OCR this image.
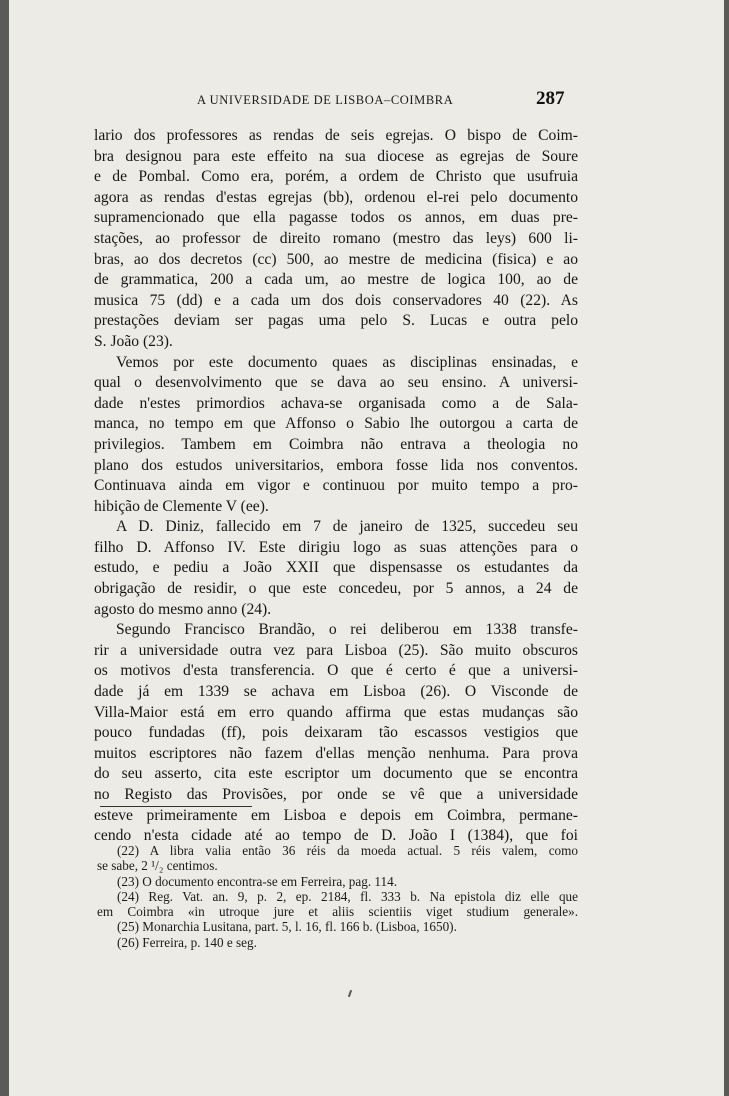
A UNIVERSIDADE DE LISBOA–COIMBRA	287
lario dos professores as rendas de seis egrejas. O bispo de Coim-
bra designou para este effeito na sua diocese as egrejas de Soure
e de Pombal. Como era, porém, a ordem de Christo que usufruia
agora as rendas d'estas egrejas (bb), ordenou el-rei pelo documento
supramencionado que ella pagasse todos os annos, em duas pre-
stações, ao professor de direito romano (mestro das leys) 600 li-
bras, ao dos decretos (cc) 500, ao mestre de medicina (fisica) e ao
de grammatica, 200 a cada um, ao mestre de logica 100, ao de
musica 75 (dd) e a cada um dos dois conservadores 40 (22). As
prestações deviam ser pagas uma pelo S. Lucas e outra pelo
S. João (23).
Vemos por este documento quaes as disciplinas ensinadas, e
qual o desenvolvimento que se dava ao seu ensino. A universi-
dade n'estes primordios achava-se organisada como a de Sala-
manca, no tempo em que Affonso o Sabio lhe outorgou a carta de
privilegios. Tambem em Coimbra não entrava a theologia no
plano dos estudos universitarios, embora fosse lida nos conventos.
Continuava ainda em vigor e continuou por muito tempo a pro-
hibição de Clemente V (ee).
A D. Diniz, fallecido em 7 de janeiro de 1325, succedeu seu
filho D. Affonso IV. Este dirigiu logo as suas attenções para o
estudo, e pediu a João XXII que dispensasse os estudantes da
obrigação de residir, o que este concedeu, por 5 annos, a 24 de
agosto do mesmo anno (24).
Segundo Francisco Brandão, o rei deliberou em 1338 transfe-
rir a universidade outra vez para Lisboa (25). São muito obscuros
os motivos d'esta transferencia. O que é certo é que a universi-
dade já em 1339 se achava em Lisboa (26). O Visconde de
Villa-Maior está em erro quando affirma que estas mudanças são
pouco fundadas (ff), pois deixaram tão escassos vestigios que
muitos escriptores não fazem d'ellas menção nenhuma. Para prova
do seu asserto, cita este escriptor um documento que se encontra
no Registo das Provisões, por onde se vê que a universidade
esteve primeiramente em Lisboa e depois em Coimbra, permane-
cendo n'esta cidade até ao tempo de D. João I (1384), que foi
(22) A libra valia então 36 réis da moeda actual. 5 réis valem, como
se sabe, 2 ¹/₂ centimos.
(23) O documento encontra-se em Ferreira, pag. 114.
(24) Reg. Vat. an. 9, p. 2, ep. 2184, fl. 333 b. Na epistola diz elle que
em Coimbra «in utroque jure et aliis scientiis viget studium generale».
(25) Monarchia Lusitana, part. 5, l. 16, fl. 166 b. (Lisboa, 1650).
(26) Ferreira, p. 140 e seg.
